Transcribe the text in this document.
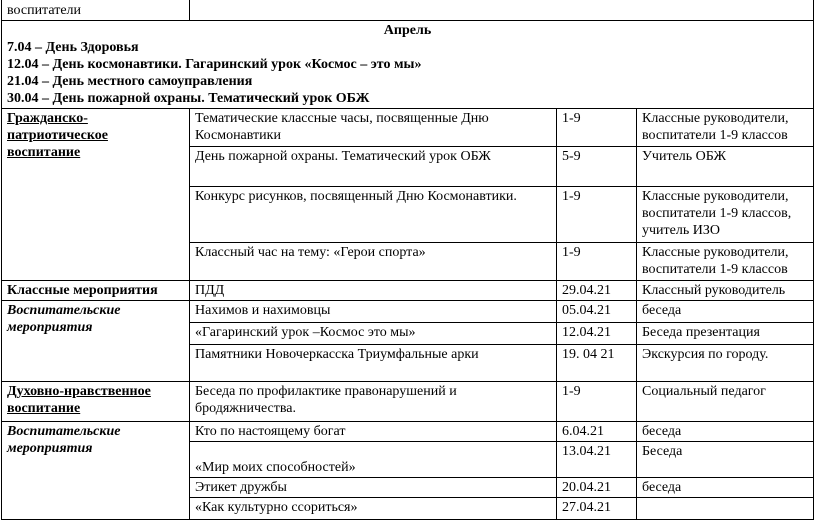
воспитатели			

Апрель
7.04 – День Здоровья
12.04 – День космонавтики. Гагаринский урок «Космос – это мы»
21.04 – День местного самоуправления
30.04 – День пожарной охраны. Тематический урок ОБЖ			

Гражданско-патриотическое воспитание	Тематические классные часы, посвященные Дню Космонавтики	1-9	Классные руководители, воспитатели 1-9 классов
	День пожарной охраны. Тематический урок ОБЖ	5-9	Учитель ОБЖ
	Конкурс рисунков, посвященный Дню Космонавтики.	1-9	Классные руководители, воспитатели 1-9 классов, учитель ИЗО
	Классный час на тему: «Герои спорта»	1-9	Классные руководители, воспитатели 1-9 классов
Классные мероприятия	ПДД	29.04.21	Классный руководитель
Воспитательские мероприятия	Нахимов и нахимовцы	05.04.21	беседа
	«Гагаринский урок –Космос это мы»	12.04.21	Беседа презентация
	Памятники Новочеркасска Триумфальные арки	19. 04 21	Экскурсия по городу.
Духовно-нравственное воспитание	Беседа по профилактике правонарушений и бродяжничества.	1-9	Социальный педагог
Воспитательские мероприятия	Кто по настоящему богат	6.04.21	беседа
	«Мир моих способностей»	13.04.21	Беседа
	Этикет дружбы	20.04.21	беседа
	«Как культурно ссориться»	27.04.21	
